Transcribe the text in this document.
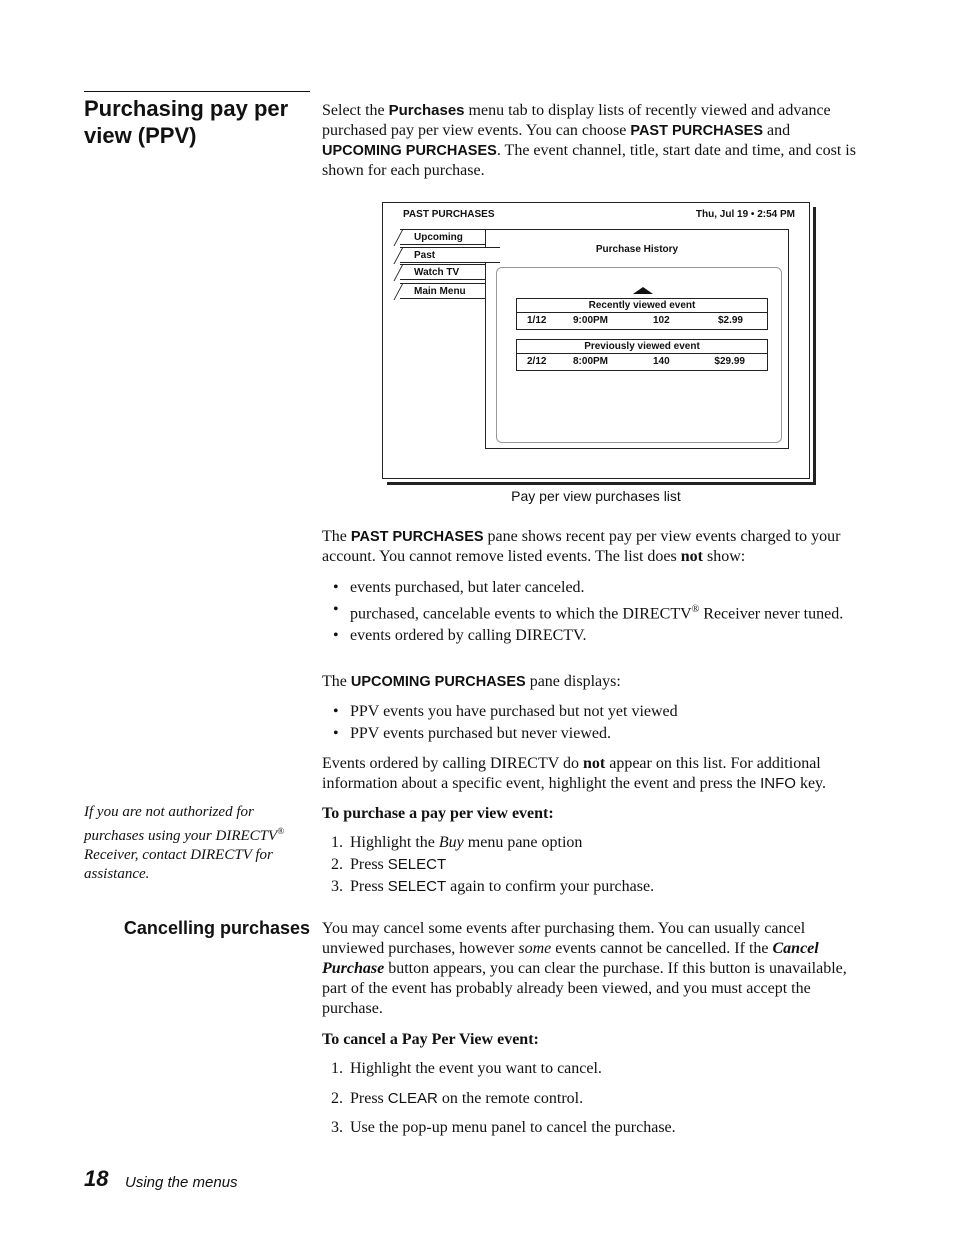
Purchasing pay per view (PPV)
Select the Purchases menu tab to display lists of recently viewed and advance purchased pay per view events. You can choose PAST PURCHASES and UPCOMING PURCHASES. The event channel, title, start date and time, and cost is shown for each purchase.
PAST PURCHASES	Thu, Jul 19 • 2:54 PM
Purchase History
Recently viewed event
1/12	9:00PM	102	$2.99
Previously viewed event
2/12	8:00PM	140	$29.99
Upcoming
Past
Watch TV
Main Menu
Pay per view purchases list
The PAST PURCHASES pane shows recent pay per view events charged to your account. You cannot remove listed events. The list does not show:
• events purchased, but later canceled.
• purchased, cancelable events to which the DIRECTV® Receiver never tuned.
• events ordered by calling DIRECTV.
The UPCOMING PURCHASES pane displays:
• PPV events you have purchased but not yet viewed
• PPV events purchased but never viewed.
Events ordered by calling DIRECTV do not appear on this list. For additional information about a specific event, highlight the event and press the INFO key.
If you are not authorized for purchases using your DIRECTV® Receiver, contact DIRECTV for assistance.
To purchase a pay per view event:
1. Highlight the Buy menu pane option
2. Press SELECT
3. Press SELECT again to confirm your purchase.
Cancelling purchases You may cancel some events after purchasing them. You can usually cancel unviewed purchases, however some events cannot be cancelled. If the Cancel Purchase button appears, you can clear the purchase. If this button is unavailable, part of the event has probably already been viewed, and you must accept the purchase.
To cancel a Pay Per View event:
1. Highlight the event you want to cancel.
2. Press CLEAR on the remote control.
3. Use the pop-up menu panel to cancel the purchase.
18 Using the menus
